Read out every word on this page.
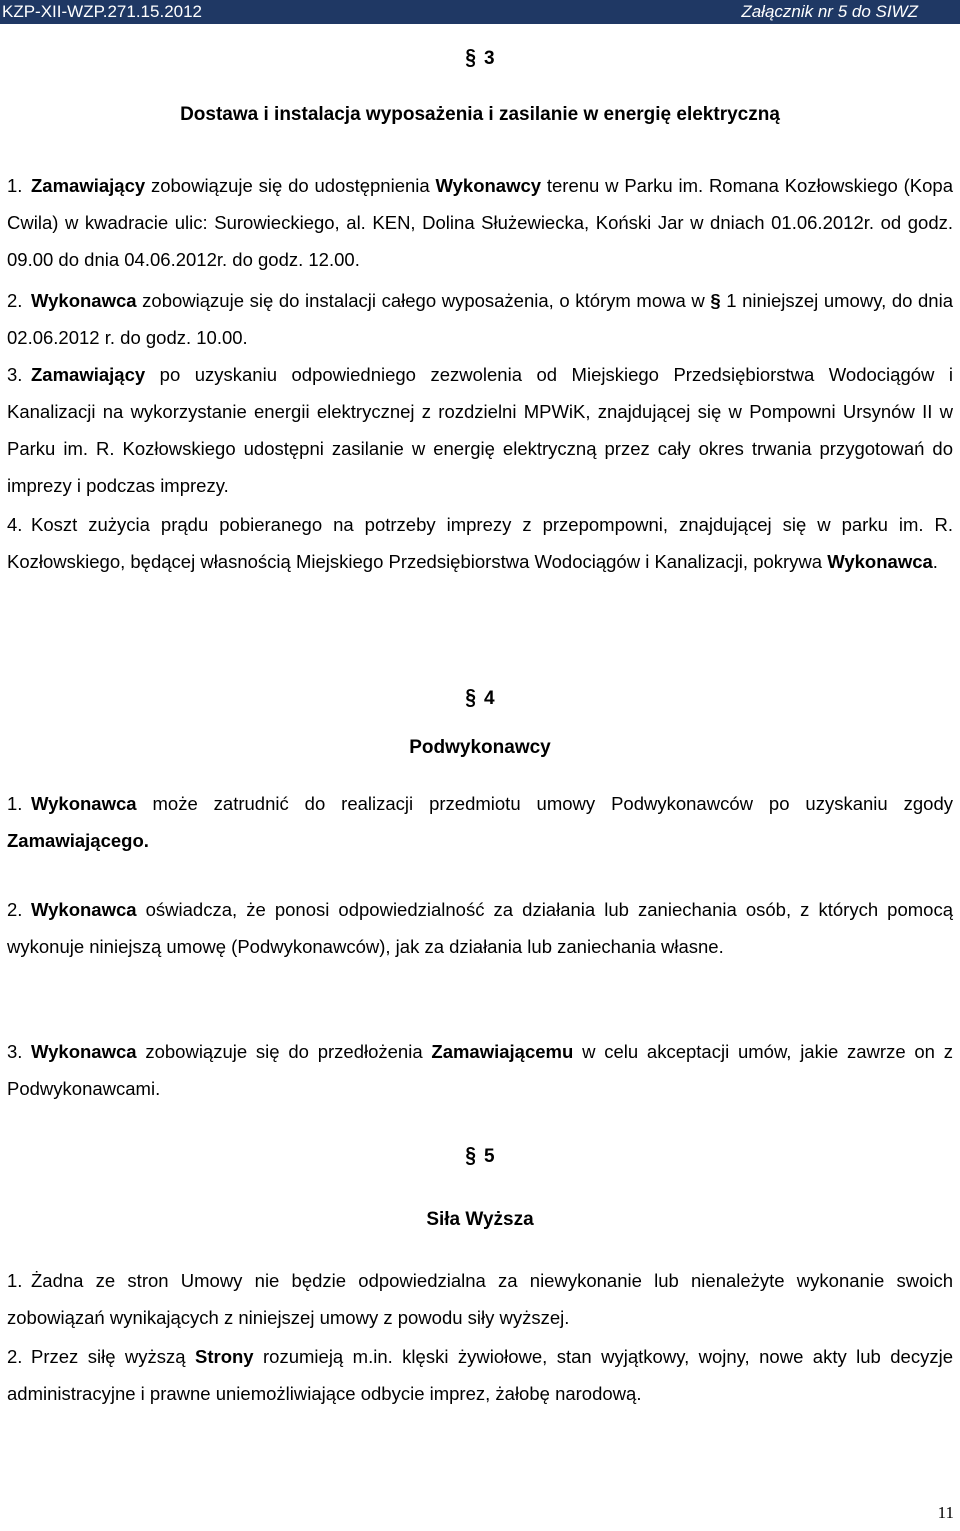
KZP-XII-WZP.271.15.2012	Załącznik nr 5 do SIWZ
§ 3
Dostawa i instalacja wyposażenia i zasilanie w energię elektryczną
1. Zamawiający zobowiązuje się do udostępnienia Wykonawcy terenu w Parku im. Romana Kozłowskiego (Kopa Cwila) w kwadracie ulic: Surowieckiego, al. KEN, Dolina Służewiecka, Koński Jar w dniach 01.06.2012r. od godz. 09.00 do dnia 04.06.2012r. do godz. 12.00.
2. Wykonawca zobowiązuje się do instalacji całego wyposażenia, o którym mowa w § 1 niniejszej umowy, do dnia 02.06.2012 r. do godz. 10.00.
3. Zamawiający po uzyskaniu odpowiedniego zezwolenia od Miejskiego Przedsiębiorstwa Wodociągów i Kanalizacji na wykorzystanie energii elektrycznej z rozdzielni MPWiK, znajdującej się w Pompowni Ursynów II w Parku im. R. Kozłowskiego udostępni zasilanie w energię elektryczną przez cały okres trwania przygotowań do imprezy i podczas imprezy.
4. Koszt zużycia prądu pobieranego na potrzeby imprezy z przepompowni, znajdującej się w parku im. R. Kozłowskiego, będącej własnością Miejskiego Przedsiębiorstwa Wodociągów i Kanalizacji, pokrywa Wykonawca.
§ 4
Podwykonawcy
1. Wykonawca może zatrudnić do realizacji przedmiotu umowy Podwykonawców po uzyskaniu zgody Zamawiającego.
2. Wykonawca oświadcza, że ponosi odpowiedzialność za działania lub zaniechania osób, z których pomocą wykonuje niniejszą umowę (Podwykonawców), jak za działania lub zaniechania własne.
3. Wykonawca zobowiązuje się do przedłożenia Zamawiającemu w celu akceptacji umów, jakie zawrze on z Podwykonawcami.
§ 5
Siła Wyższa
1. Żadna ze stron Umowy nie będzie odpowiedzialna za niewykonanie lub nienależyte wykonanie swoich zobowiązań wynikających z niniejszej umowy z powodu siły wyższej.
2. Przez siłę wyższą Strony rozumieją m.in. klęski żywiołowe, stan wyjątkowy, wojny, nowe akty lub decyzje administracyjne i prawne uniemożliwiające odbycie imprez, żałobę narodową.
11
